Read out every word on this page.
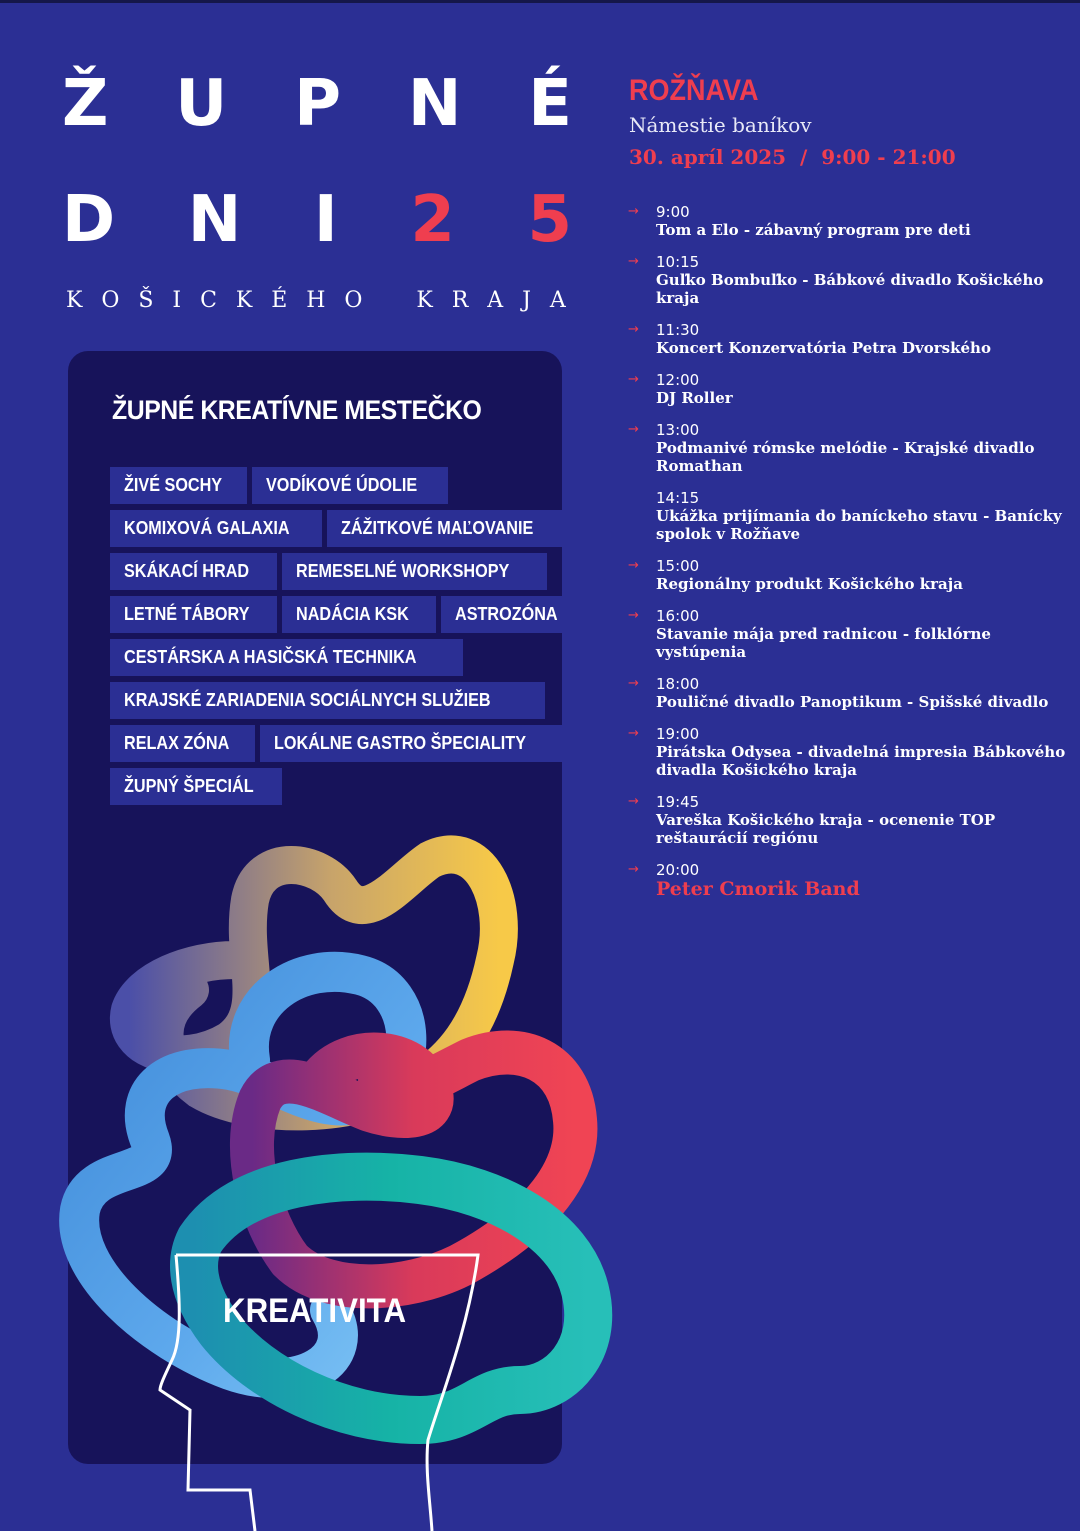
Ž U P N É
D N I 2 5
K O Š I C K É H O K R A J A
ŽUPNÉ KREATÍVNE MESTEČKO
ŽIVÉ SOCHY	VODÍKOVÉ ÚDOLIE
KOMIXOVÁ GALAXIA	ZÁŽITKOVÉ MAĽOVANIE
SKÁKACÍ HRAD	REMESELNÉ WORKSHOPY
LETNÉ TÁBORY	NADÁCIA KSK	ASTROZÓNA
CESTÁRSKA A HASIČSKÁ TECHNIKA
KRAJSKÉ ZARIADENIA SOCIÁLNYCH SLUŽIEB
RELAX ZÓNA	LOKÁLNE GASTRO ŠPECIALITY
ŽUPNÝ ŠPECIÁL
KREATIVITA
ROŽŇAVA
Námestie baníkov
30. apríl 2025  /  9:00 - 21:00
→ 9:00
Tom a Elo - zábavný program pre deti
→ 10:15
Guľko Bombuľko - Bábkové divadlo Košického kraja
→ 11:30
Koncert Konzervatória Petra Dvorského
→ 12:00
DJ Roller
→ 13:00
Podmanivé rómske melódie - Krajské divadlo Romathan
14:15
Ukážka prijímania do baníckeho stavu - Banícky spolok v Rožňave
→ 15:00
Regionálny produkt Košického kraja
→ 16:00
Stavanie mája pred radnicou - folklórne vystúpenia
→ 18:00
Pouličné divadlo Panoptikum - Spišské divadlo
→ 19:00
Pirátska Odysea - divadelná impresia Bábkového divadla Košického kraja
→ 19:45
Vareška Košického kraja - ocenenie TOP reštaurácií regiónu
→ 20:00
Peter Cmorik Band
